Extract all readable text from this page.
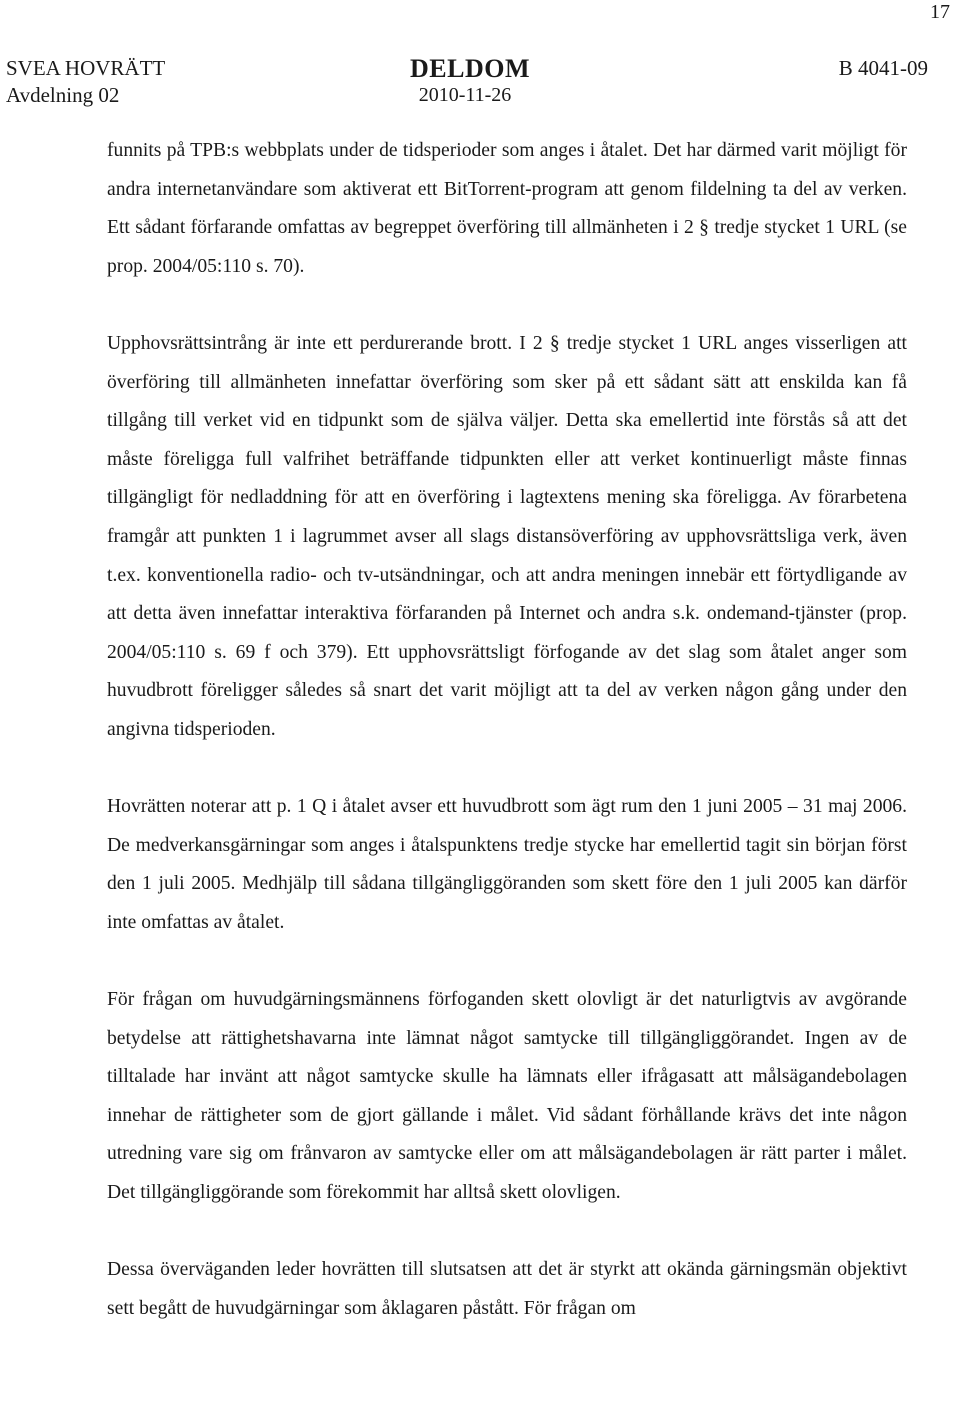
17
SVEA HOVRÄTT
Avdelning 02
DELDOM
2010-11-26
B 4041-09

funnits på TPB:s webbplats under de tidsperioder som anges i åtalet. Det har därmed varit möjligt för andra internetanvändare som aktiverat ett BitTorrent-program att genom fildelning ta del av verken. Ett sådant förfarande omfattas av begreppet överföring till allmänheten i 2 § tredje stycket 1 URL (se prop. 2004/05:110 s. 70).

Upphovsrättsintrång är inte ett perdurerande brott. I 2 § tredje stycket 1 URL anges visserligen att överföring till allmänheten innefattar överföring som sker på ett sådant sätt att enskilda kan få tillgång till verket vid en tidpunkt som de själva väljer. Detta ska emellertid inte förstås så att det måste föreligga full valfrihet beträffande tidpunkten eller att verket kontinuerligt måste finnas tillgängligt för nedladdning för att en överföring i lagtextens mening ska föreligga. Av förarbetena framgår att punkten 1 i lagrummet avser all slags distansöverföring av upphovsrättsliga verk, även t.ex. konventionella radio- och tv-utsändningar, och att andra meningen innebär ett förtydligande av att detta även innefattar interaktiva förfaranden på Internet och andra s.k. ondemand-tjänster (prop. 2004/05:110 s. 69 f och 379). Ett upphovsrättsligt förfogande av det slag som åtalet anger som huvudbrott föreligger således så snart det varit möjligt att ta del av verken någon gång under den angivna tidsperioden.

Hovrätten noterar att p. 1 Q i åtalet avser ett huvudbrott som ägt rum den 1 juni 2005 – 31 maj 2006. De medverkansgärningar som anges i åtalspunktens tredje stycke har emellertid tagit sin början först den 1 juli 2005. Medhjälp till sådana tillgängliggöranden som skett före den 1 juli 2005 kan därför inte omfattas av åtalet.

För frågan om huvudgärningsmännens förfoganden skett olovligt är det naturligtvis av avgörande betydelse att rättighetshavarna inte lämnat något samtycke till tillgängliggörandet. Ingen av de tilltalade har invänt att något samtycke skulle ha lämnats eller ifrågasatt att målsägandebolagen innehar de rättigheter som de gjort gällande i målet. Vid sådant förhållande krävs det inte någon utredning vare sig om frånvaron av samtycke eller om att målsägandebolagen är rätt parter i målet. Det tillgängliggörande som förekommit har alltså skett olovligen.

Dessa överväganden leder hovrätten till slutsatsen att det är styrkt att okända gärningsmän objektivt sett begått de huvudgärningar som åklagaren påstått. För frågan om
